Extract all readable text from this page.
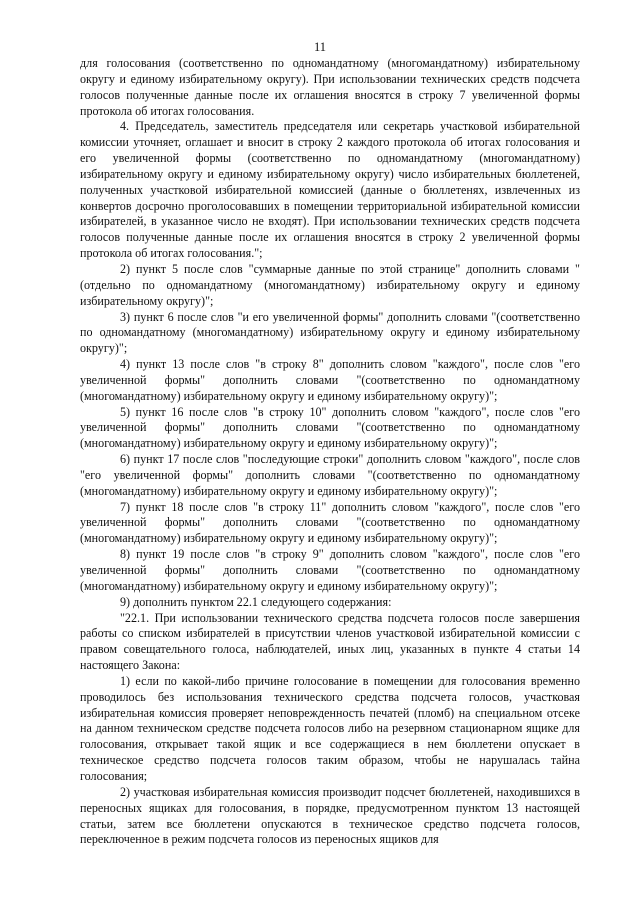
11

для голосования (соответственно по одномандатному (многомандатному) избирательному округу и единому избирательному округу). При использовании технических средств подсчета голосов полученные данные после их оглашения вносятся в строку 7 увеличенной формы протокола об итогах голосования.

4. Председатель, заместитель председателя или секретарь участковой избирательной комиссии уточняет, оглашает и вносит в строку 2 каждого протокола об итогах голосования и его увеличенной формы (соответственно по одномандатному (многомандатному) избирательному округу и единому избирательному округу) число избирательных бюллетеней, полученных участковой избирательной комиссией (данные о бюллетенях, извлеченных из конвертов досрочно проголосовавших в помещении территориальной избирательной комиссии избирателей, в указанное число не входят). При использовании технических средств подсчета голосов полученные данные после их оглашения вносятся в строку 2 увеличенной формы протокола об итогах голосования.";

2) пункт 5 после слов "суммарные данные по этой странице" дополнить словами "(отдельно по одномандатному (многомандатному) избирательному округу и единому избирательному округу)";

3) пункт 6 после слов "и его увеличенной формы" дополнить словами "(соответственно по одномандатному (многомандатному) избирательному округу и единому избирательному округу)";

4) пункт 13 после слов "в строку 8" дополнить словом "каждого", после слов "его увеличенной формы" дополнить словами "(соответственно по одномандатному (многомандатному) избирательному округу и единому избирательному округу)";

5) пункт 16 после слов "в строку 10" дополнить словом "каждого", после слов "его увеличенной формы" дополнить словами "(соответственно по одномандатному (многомандатному) избирательному округу и единому избирательному округу)";

6) пункт 17 после слов "последующие строки" дополнить словом "каждого", после слов "его увеличенной формы" дополнить словами "(соответственно по одномандатному (многомандатному) избирательному округу и единому избирательному округу)";

7) пункт 18 после слов "в строку 11" дополнить словом "каждого", после слов "его увеличенной формы" дополнить словами "(соответственно по одномандатному (многомандатному) избирательному округу и единому избирательному округу)";

8) пункт 19 после слов "в строку 9" дополнить словом "каждого", после слов "его увеличенной формы" дополнить словами "(соответственно по одномандатному (многомандатному) избирательному округу и единому избирательному округу)";

9) дополнить пунктом 22.1 следующего содержания:

"22.1. При использовании технического средства подсчета голосов после завершения работы со списком избирателей в присутствии членов участковой избирательной комиссии с правом совещательного голоса, наблюдателей, иных лиц, указанных в пункте 4 статьи 14 настоящего Закона:

1) если по какой-либо причине голосование в помещении для голосования временно проводилось без использования технического средства подсчета голосов, участковая избирательная комиссия проверяет неповрежденность печатей (пломб) на специальном отсеке на данном техническом средстве подсчета голосов либо на резервном стационарном ящике для голосования, открывает такой ящик и все содержащиеся в нем бюллетени опускает в техническое средство подсчета голосов таким образом, чтобы не нарушалась тайна голосования;

2) участковая избирательная комиссия производит подсчет бюллетеней, находившихся в переносных ящиках для голосования, в порядке, предусмотренном пунктом 13 настоящей статьи, затем все бюллетени опускаются в техническое средство подсчета голосов, переключенное в режим подсчета голосов из переносных ящиков для
